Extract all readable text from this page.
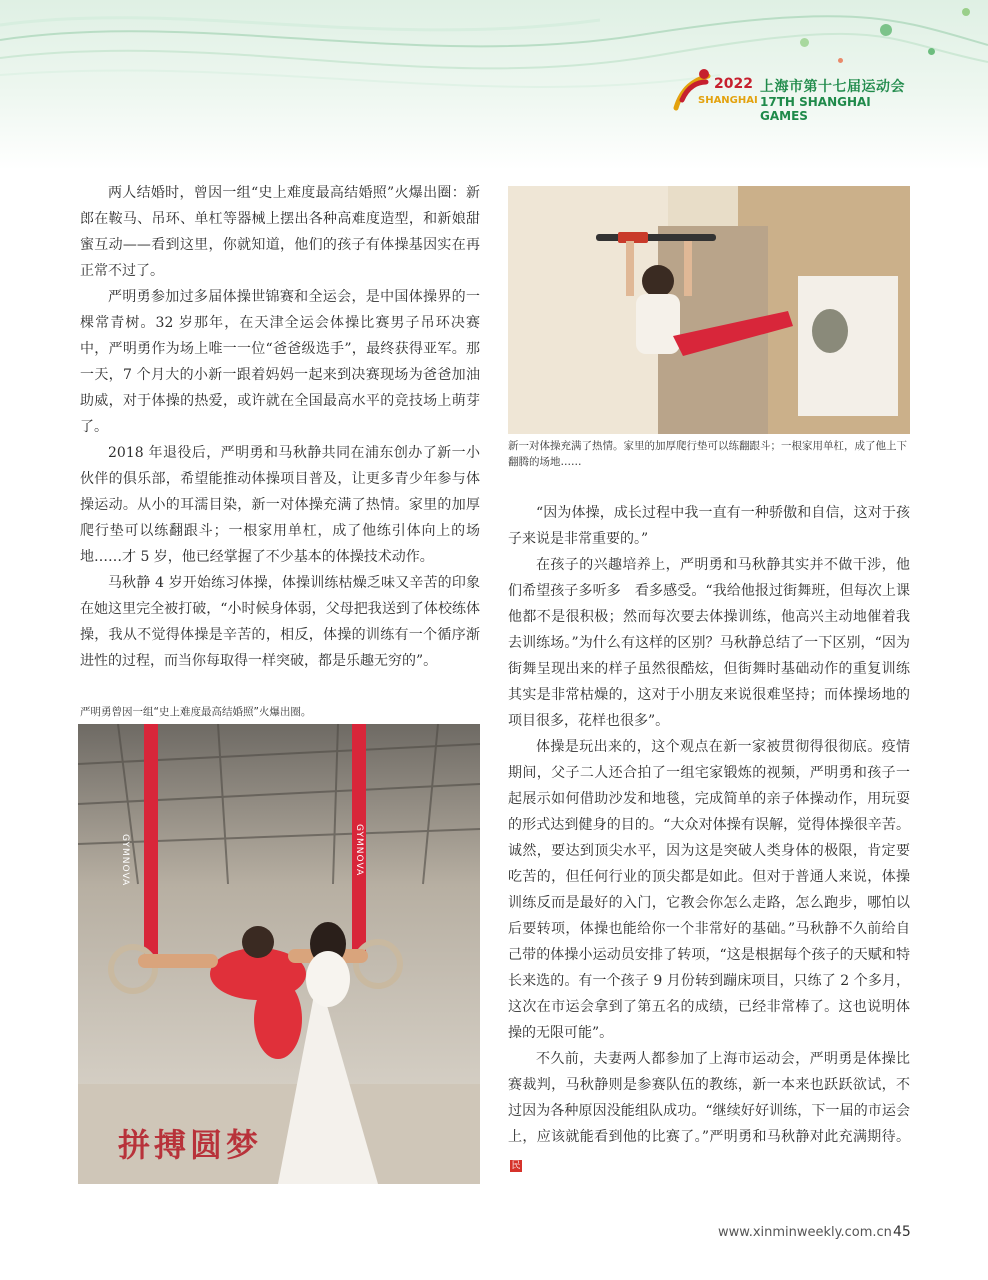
2022 上海市第十七届运动会
SHANGHAI 17TH SHANGHAI GAMES

两人结婚时，曾因一组“史上难度最高结婚照”火爆出圈：新郎在鞍马、吊环、单杠等器械上摆出各种高难度造型，和新娘甜蜜互动——看到这里，你就知道，他们的孩子有体操基因实在再正常不过了。

严明勇参加过多届体操世锦赛和全运会，是中国体操界的一棵常青树。32 岁那年，在天津全运会体操比赛男子吊环决赛中，严明勇作为场上唯一一位“爸爸级选手”，最终获得亚军。那一天，7 个月大的小新一跟着妈妈一起来到决赛现场为爸爸加油助威，对于体操的热爱，或许就在全国最高水平的竞技场上萌芽了。

2018 年退役后，严明勇和马秋静共同在浦东创办了新一小伙伴的俱乐部，希望能推动体操项目普及，让更多青少年参与体操运动。从小的耳濡目染，新一对体操充满了热情。家里的加厚爬行垫可以练翻跟斗；一根家用单杠，成了他练引体向上的场地……才 5 岁，他已经掌握了不少基本的体操技术动作。

马秋静 4 岁开始练习体操，体操训练枯燥乏味又辛苦的印象在她这里完全被打破，“小时候身体弱，父母把我送到了体校练体操，我从不觉得体操是辛苦的，相反，体操的训练有一个循序渐进性的过程，而当你每取得一样突破，都是乐趣无穷的”。

严明勇曾因一组“史上难度最高结婚照”火爆出圈。
GYMNOVA	GYMNOVA
拼搏圆梦
新一对体操充满了热情。家里的加厚爬行垫可以练翻跟斗；一根家用单杠，成了他上下翻腾的场地……

“因为体操，成长过程中我一直有一种骄傲和自信，这对于孩子来说是非常重要的。”

在孩子的兴趣培养上，严明勇和马秋静其实并不做干涉，他们希望孩子多听多　看多感受。“我给他报过街舞班，但每次上课他都不是很积极；然而每次要去体操训练，他高兴主动地催着我去训练场。”为什么有这样的区别？马秋静总结了一下区别，“因为街舞呈现出来的样子虽然很酷炫，但街舞时基础动作的重复训练其实是非常枯燥的，这对于小朋友来说很难坚持；而体操场地的项目很多，花样也很多”。

体操是玩出来的，这个观点在新一家被贯彻得很彻底。疫情期间，父子二人还合拍了一组宅家锻炼的视频，严明勇和孩子一起展示如何借助沙发和地毯，完成简单的亲子体操动作，用玩耍的形式达到健身的目的。“大众对体操有误解，觉得体操很辛苦。诚然，要达到顶尖水平，因为这是突破人类身体的极限，肯定要吃苦的，但任何行业的顶尖都是如此。但对于普通人来说，体操训练反而是最好的入门，它教会你怎么走路，怎么跑步，哪怕以后要转项，体操也能给你一个非常好的基础。”马秋静不久前给自己带的体操小运动员安排了转项，“这是根据每个孩子的天赋和特长来选的。有一个孩子 9 月份转到蹦床项目，只练了 2 个多月，这次在市运会拿到了第五名的成绩，已经非常棒了。这也说明体操的无限可能”。

不久前，夫妻两人都参加了上海市运动会，严明勇是体操比赛裁判，马秋静则是参赛队伍的教练，新一本来也跃跃欲试，不过因为各种原因没能组队成功。“继续好好训练，下一届的市运会上，应该就能看到他的比赛了。”严明勇和马秋静对此充满期待。民

www.xinminweekly.com.cn 45
